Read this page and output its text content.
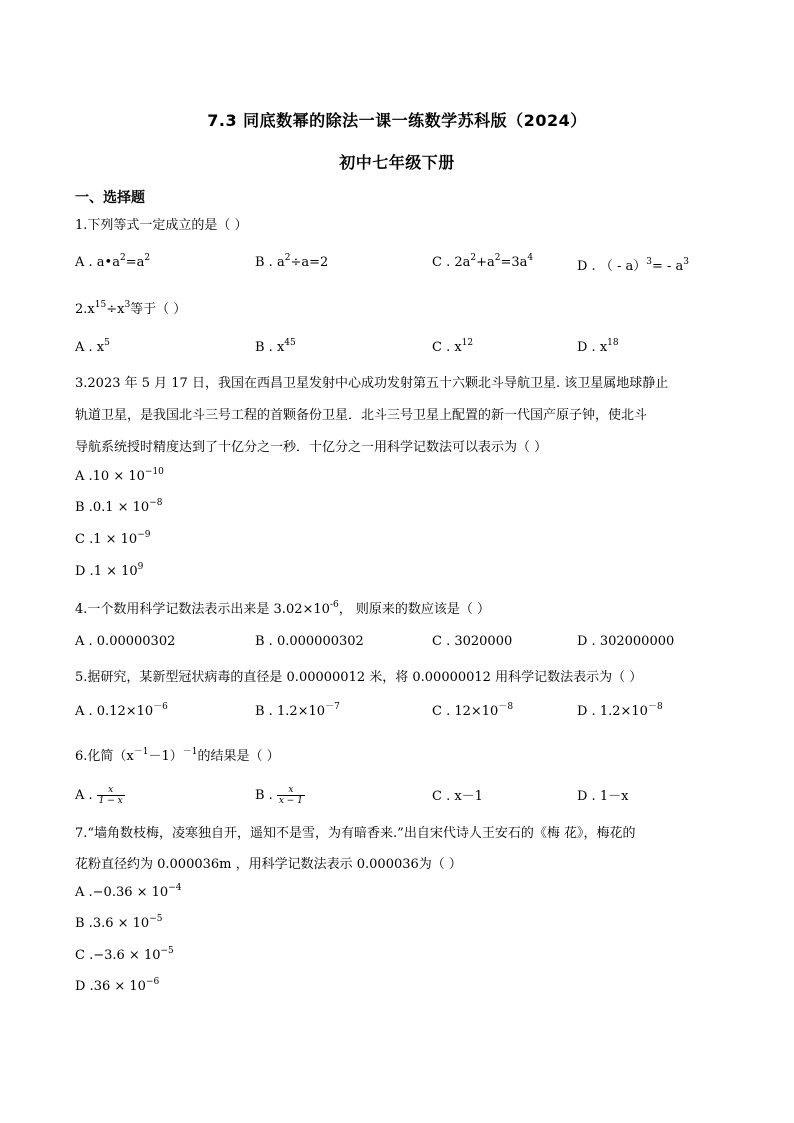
7.3 同底数幂的除法一课一练数学苏科版（2024）
初中七年级下册
一、选择题
1.下列等式一定成立的是（ ）
A . $a•a^2=a^2$	B . $a^2\div a=2$	C . $2a^2+a^2=3a^4$
D . （ - $a)^3= - a^3$
$2.x^{15}\div x^3$等于（ ）
A . $x^5$	B . $x^{45}$	C . $x^{12}$	D . $x^{18}$
3.2023 年 5 月 17 日，我国在西昌卫星发射中心成功发射第五十六颗北斗导航卫星. 该卫星属地球静止
轨道卫星，是我国北斗三号工程的首颗备份卫星．北斗三号卫星上配置的新一代国产原子钟，使北斗
导航系统授时精度达到了十亿分之一秒．十亿分之一用科学记数法可以表示为（ ）
A $.10 \times 10^{-10}$
B $.0.1 \times 10^{-8}$
C $.1 \times 10^{-9}$
D $.1 \times 10^9$
4.一个数用科学记数法表示出来是 $3.02\times 10^{-6}$， 则原来的数应该是（ ）
A . 0.00000302	B . 0.000000302	C . 3020000	D . 302000000
5.据研究，某新型冠状病毒的直径是 0.00000012 米，将 0.00000012 用科学记数法表示为（ ）
A . $0.12\times 10^{-6}$	B . $1.2\times 10^{-7}$	C . $12\times 10^{-8}$	D . $1.2\times 10^{-8}$
6.化简$(x^{-1}-1)^{-1}$的结果是（ ）
A . $\frac{x}{1 - x}$	B . $\frac{x}{x - 1}$	C . x－1	D . 1－x
7.“墙角数枝梅，凌寒独自开，遥知不是雪，为有暗香来.”出自宋代诗人王安石的《梅 花》，梅花的
花粉直径约为 0.000036m ，用科学记数法表示 0.000036为（ ）
A $.-0.36 \times 10^{-4}$
B $.3.6 \times 10^{-5}$
C $.-3.6 \times 10^{-5}$
D $.36 \times 10^{-6}$
